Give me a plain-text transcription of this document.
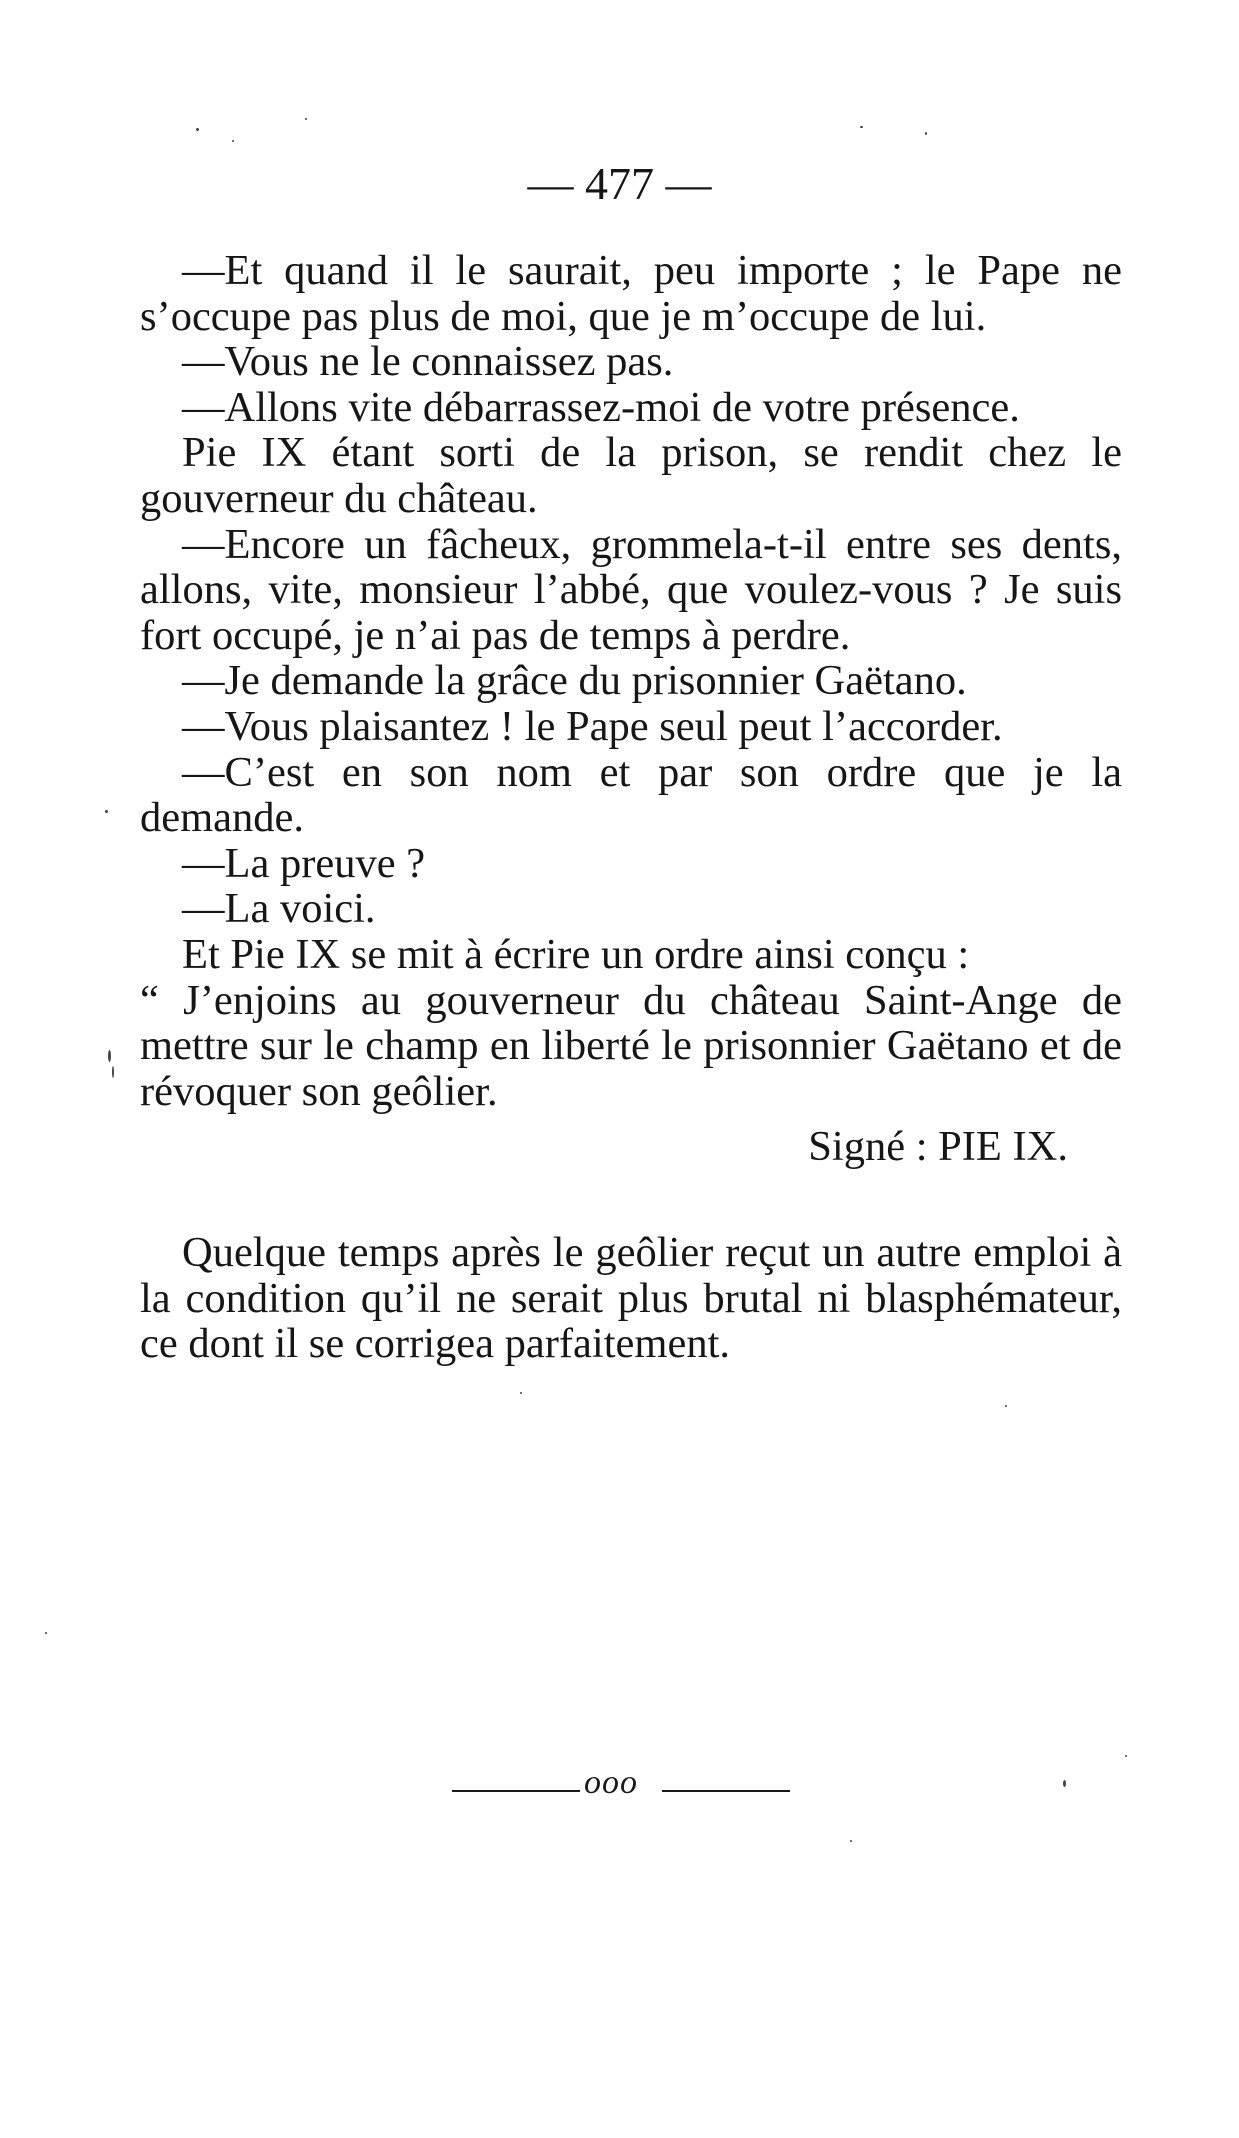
— 477 —

—Et quand il le saurait, peu importe ; le Pape ne s’occupe pas plus de moi, que je m’occupe de lui.

—Vous ne le connaissez pas.

—Allons vite débarrassez-moi de votre présence.

Pie IX étant sorti de la prison, se rendit chez le gouverneur du château.

—Encore un fâcheux, grommela-t-il entre ses dents, allons, vite, monsieur l’abbé, que voulez-vous ? Je suis fort occupé, je n’ai pas de temps à perdre.

—Je demande la grâce du prisonnier Gaëtano.

—Vous plaisantez ! le Pape seul peut l’accorder.

—C’est en son nom et par son ordre que je la demande.

—La preuve ?

—La voici.

Et Pie IX se mit à écrire un ordre ainsi conçu :

“ J’enjoins au gouverneur du château Saint-Ange de mettre sur le champ en liberté le prisonnier Gaëtano et de révoquer son geôlier.

Signé : PIE IX.

Quelque temps après le geôlier reçut un autre emploi à la condition qu’il ne serait plus brutal ni blasphémateur, ce dont il se corrigea parfaitement.

ooo
